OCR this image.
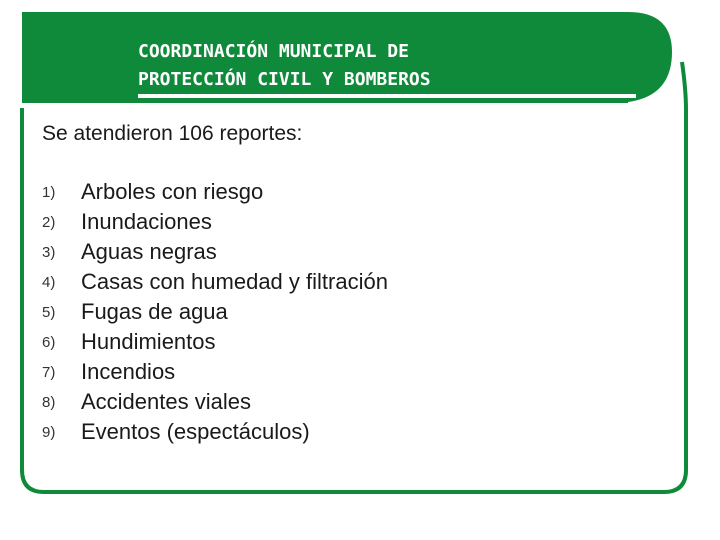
COORDINACIÓN MUNICIPAL DE
PROTECCIÓN CIVIL Y BOMBEROS
Se atendieron 106 reportes:
1) Arboles con riesgo
2) Inundaciones
3) Aguas negras
4) Casas con humedad y filtración
5) Fugas de agua
6) Hundimientos
7) Incendios
8) Accidentes viales
9) Eventos (espectáculos)
